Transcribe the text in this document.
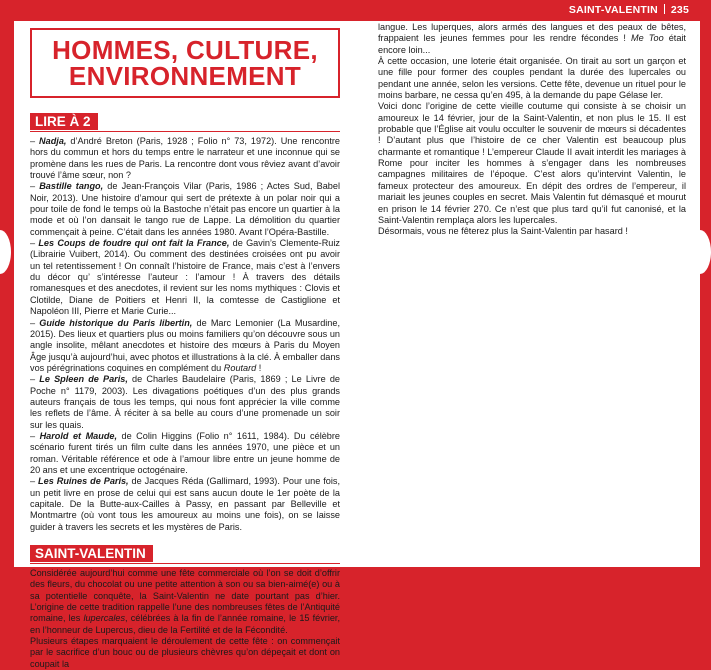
SAINT-VALENTIN 235
HOMMES, CULTURE,
ENVIRONNEMENT
LIRE À 2

– Nadja, d’André Breton (Paris, 1928 ; Folio n° 73, 1972). Une rencontre hors du commun et hors du temps entre le narrateur et une inconnue qui se promène dans les rues de Paris. La rencontre dont vous rêviez avant d’avoir trouvé l’âme sœur, non ?

– Bastille tango, de Jean-François Vilar (Paris, 1986 ; Actes Sud, Babel Noir, 2013). Une histoire d’amour qui sert de prétexte à un polar noir qui a pour toile de fond le temps où la Bastoche n’était pas encore un quartier à la mode et où l’on dansait le tango rue de Lappe. La démolition du quartier commençait à peine. C’était dans les années 1980. Avant l’Opéra-Bastille.

– Les Coups de foudre qui ont fait la France, de Gavin’s Clemente-Ruiz (Librairie Vuibert, 2014). Ou comment des destinées croisées ont pu avoir un tel retentissement ! On connaît l’histoire de France, mais c’est à l’envers du décor qu’ s’intéresse l’auteur : l’amour ! À travers des détails romanesques et des anecdotes, il revient sur les noms mythiques : Clovis et Clotilde, Diane de Poitiers et Henri II, la comtesse de Castiglione et Napoléon III, Pierre et Marie Curie...

– Guide historique du Paris libertin, de Marc Lemonier (La Musardine, 2015). Des lieux et quartiers plus ou moins familiers qu’on découvre sous un angle insolite, mêlant anecdotes et histoire des mœurs à Paris du Moyen Âge jusqu’à aujourd’hui, avec photos et illustrations à la clé. À emballer dans vos pérégrinations coquines en complément du Routard !

– Le Spleen de Paris, de Charles Baudelaire (Paris, 1869 ; Le Livre de Poche n° 1179, 2003). Les divagations poétiques d’un des plus grands auteurs français de tous les temps, qui nous font apprécier la ville comme les reflets de l’âme. À réciter à sa belle au cours d’une promenade un soir sur les quais.

– Harold et Maude, de Colin Higgins (Folio n° 1611, 1984). Du célèbre scénario furent tirés un film culte dans les années 1970, une pièce et un roman. Véritable référence et ode à l’amour libre entre un jeune homme de 20 ans et une excentrique octogénaire.

– Les Ruines de Paris, de Jacques Réda (Gallimard, 1993). Pour une fois, un petit livre en prose de celui qui est sans aucun doute le 1er poète de la capitale. De la Butte-aux-Cailles à Passy, en passant par Belleville et Montmartre (où vont tous les amoureux au moins une fois), on se laisse guider à travers les secrets et les mystères de Paris.

SAINT-VALENTIN

Considérée aujourd’hui comme une fête commerciale où l’on se doit d’offrir des fleurs, du chocolat ou une petite attention à son ou sa bien-aimé(e) ou à sa potentielle conquête, la Saint-Valentin ne date pourtant pas d’hier. L’origine de cette tradition rappelle l’une des nombreuses fêtes de l’Antiquité romaine, les lupercales, célébrées à la fin de l’année romaine, le 15 février, en l’honneur de Lupercus, dieu de la Fertilité et de la Fécondité.

Plusieurs étapes marquaient le déroulement de cette fête : on commençait par le sacrifice d’un bouc ou de plusieurs chèvres qu’on dépeçait et dont on coupait la

langue. Les luperques, alors armés des langues et des peaux de bêtes, frappaient les jeunes femmes pour les rendre fécondes ! Me Too était encore loin...

À cette occasion, une loterie était organisée. On tirait au sort un garçon et une fille pour former des couples pendant la durée des lupercales ou pendant une année, selon les versions. Cette fête, devenue un rituel pour le moins barbare, ne cessa qu’en 495, à la demande du pape Gélase Ier.

Voici donc l’origine de cette vieille coutume qui consiste à se choisir un amoureux le 14 février, jour de la Saint-Valentin, et non plus le 15. Il est probable que l’Église ait voulu occulter le souvenir de mœurs si décadentes ! D’autant plus que l’histoire de ce cher Valentin est beaucoup plus charmante et romantique ! L’empereur Claude II avait interdit les mariages à Rome pour inciter les hommes à s’engager dans les nombreuses campagnes militaires de l’époque. C’est alors qu’intervint Valentin, le fameux protecteur des amoureux. En dépit des ordres de l’empereur, il mariait les jeunes couples en secret. Mais Valentin fut démasqué et mourut en prison le 14 février 270. Ce n’est que plus tard qu’il fut canonisé, et la Saint-Valentin remplaça alors les lupercales.

Désormais, vous ne fêterez plus la Saint-Valentin par hasard !
